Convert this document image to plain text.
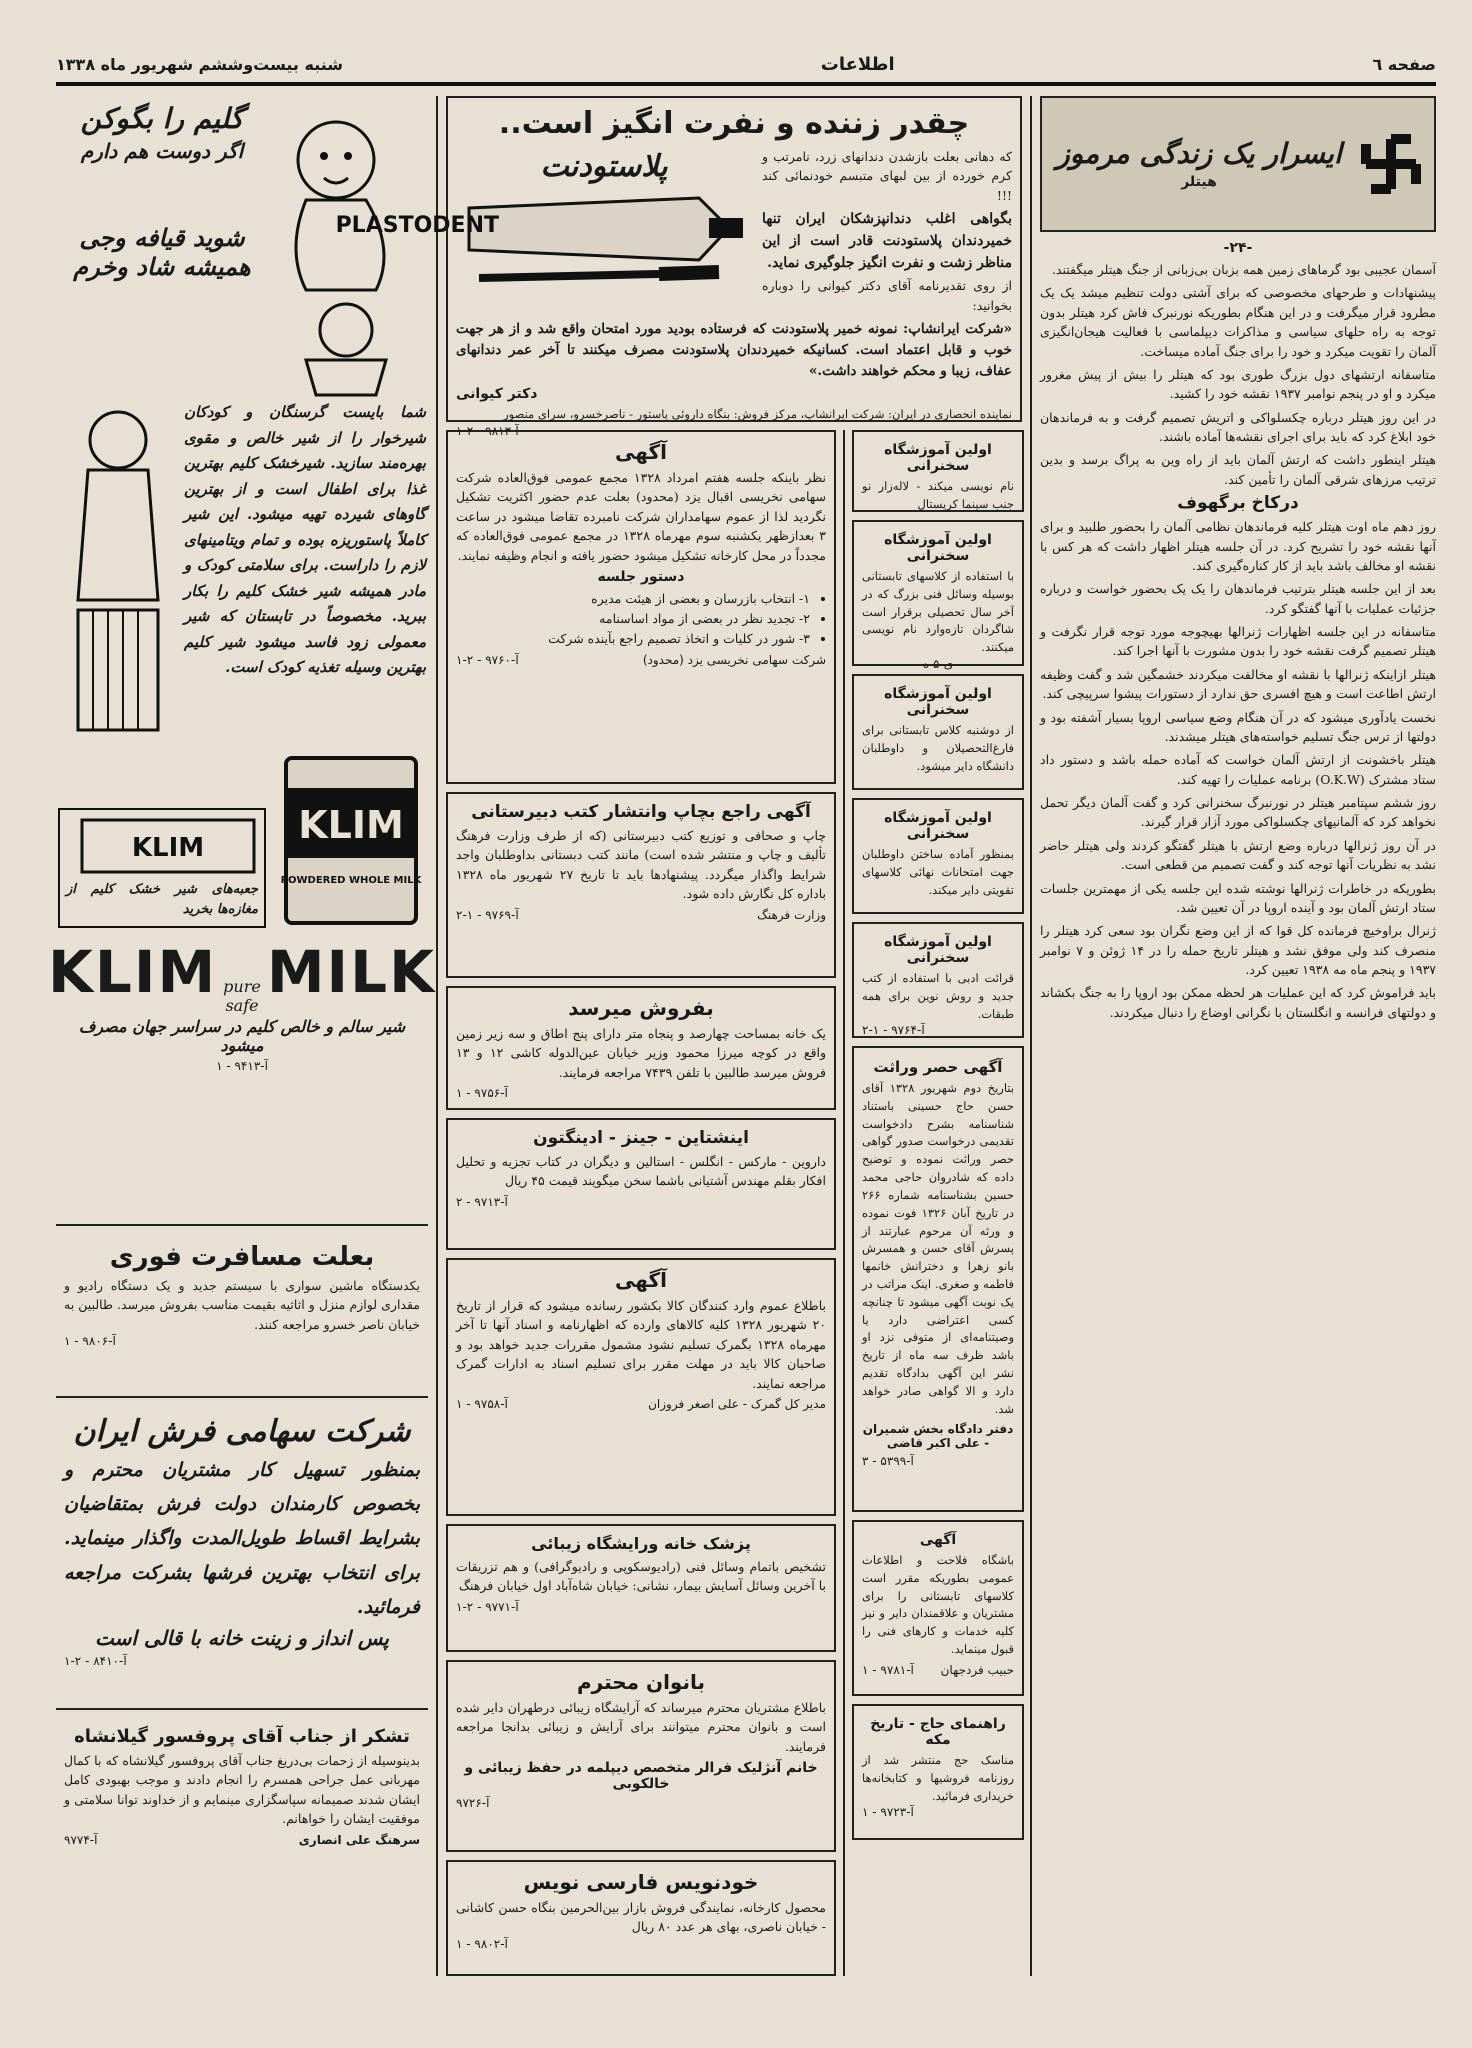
صفحه ٦
اطلاعات
شنبه بیست‌وششم شهریور ماه ۱۳۳۸
ایسرار یک زندگی مرموز
هیتلر
-۲۴-

آسمان عجیبی بود گرماهای زمین همه بزبان بی‌زبانی از جنگ هیتلر میگفتند.

پیشنهادات و طرحهای مخصوصی که برای آشتی دولت تنظیم میشد یک یک مطرود قرار میگرفت و در این هنگام بطوریکه نورنبرک فاش کرد هیتلر بدون توجه به راه حلهای سیاسی و مذاکرات دیپلماسی با فعالیت هیجان‌انگیزی آلمان را تقویت میکرد و خود را برای جنگ آماده میساخت.

متاسفانه ارتشهای دول بزرگ طوری بود که هیتلر را بیش از پیش مغرور میکرد و او در پنجم نوامبر ۱۹۳۷ نقشه خود را کشید.

در این روز هیتلر درباره چکسلواکی و اتریش تصمیم گرفت و به فرماندهان خود ابلاغ کرد که باید برای اجرای نقشه‌ها آماده باشند.

هیتلر اینطور داشت که ارتش آلمان باید از راه وین به پراگ برسد و بدین ترتیب مرزهای شرقی آلمان را تأمین کند.

درکاخ برگهوف

روز دهم ماه اوت هیتلر کلیه فرماندهان نظامی آلمان را بحضور طلبید و برای آنها نقشه خود را تشریح کرد. در آن جلسه هیتلر اظهار داشت که هر کس با نقشه او مخالف باشد باید از کار کناره‌گیری کند.

بعد از این جلسه هیتلر بترتیب فرماندهان را یک یک بحضور خواست و درباره جزئیات عملیات با آنها گفتگو کرد.

متاسفانه در این جلسه اظهارات ژنرالها بهیچوجه مورد توجه قرار نگرفت و هیتلر تصمیم گرفت نقشه خود را بدون مشورت با آنها اجرا کند.

هیتلر ازاینکه ژنرالها با نقشه او مخالفت میکردند خشمگین شد و گفت وظیفه ارتش اطاعت است و هیچ افسری حق ندارد از دستورات پیشوا سرپیچی کند.

نخست یادآوری میشود که در آن هنگام وضع سیاسی اروپا بسیار آشفته بود و دولتها از ترس جنگ تسلیم خواسته‌های هیتلر میشدند.

هیتلر باخشونت از ارتش آلمان خواست که آماده حمله باشد و دستور داد ستاد مشترک (O.K.W) برنامه عملیات را تهیه کند.

روز ششم سپتامبر هیتلر در نورنبرگ سخنرانی کرد و گفت آلمان دیگر تحمل نخواهد کرد که آلمانیهای چکسلواکی مورد آزار قرار گیرند.

در آن روز ژنرالها درباره وضع ارتش با هیتلر گفتگو کردند ولی هیتلر حاضر نشد به نظریات آنها توجه کند و گفت تصمیم من قطعی است.

بطوریکه در خاطرات ژنرالها نوشته شده این جلسه یکی از مهمترین جلسات ستاد ارتش آلمان بود و آینده اروپا در آن تعیین شد.

ژنرال براوخیچ فرمانده کل قوا که از این وضع نگران بود سعی کرد هیتلر را منصرف کند ولی موفق نشد و هیتلر تاریخ حمله را در ۱۴ ژوئن و ۷ نوامبر ۱۹۳۷ و پنجم ماه مه ۱۹۳۸ تعیین کرد.

باید فراموش کرد که این عملیات هر لحظه ممکن بود اروپا را به جنگ بکشاند و دولتهای فرانسه و انگلستان با نگرانی اوضاع را دنبال میکردند.

چقدر زننده و نفرت انگیز است..
که دهانی بعلت بازشدن دندانهای زرد، نامرتب و کرم خورده از بین لبهای متبسم خودنمائی کند !!!
بگواهی اغلب دندانپزشکان ایران تنها خمیردندان پلاستودنت قادر است از این مناظر زشت و نفرت انگیز جلوگیری نماید.
از روی تقدیرنامه آقای دکتر کیوانی را دوباره بخوانید:
پلاستودنت
PLASTODENT
«شرکت ایرانشاپ: نمونه خمیر پلاستودنت که فرستاده بودید مورد امتحان واقع شد و از هر جهت خوب و قابل اعتماد است. کسانیکه خمیردندان پلاستودنت مصرف میکنند تا آخر عمر دندانهای عفاف، زیبا و محکم خواهند داشت.»
دکتر کیوانی
نماینده انحصاری در ایران: شرکت ایرانشاپ، مرکز فروش: بنگاه داروئی پاستور - ناصرخسرو، سرای منصور
آ-۹۸۱۳ - ۲-۱
آگهی
نظر باینکه جلسه هفتم امرداد ۱۳۲۸ مجمع عمومی فوق‌العاده شرکت سهامی نخریسی اقبال یزد (محدود) بعلت عدم حضور اکثریت تشکیل نگردید لذا از عموم سهامداران شرکت نامبرده تقاضا میشود در ساعت ۳ بعدازظهر یکشنبه سوم مهرماه ۱۳۲۸ در مجمع عمومی فوق‌العاده که مجدداً در محل کارخانه تشکیل میشود حضور یافته و انجام وظیفه نمایند.
دستور جلسه
• ۱- انتخاب بازرسان و بعضی از هیئت مدیره
• ۲- تجدید نظر در بعضی از مواد اساسنامه
• ۳- شور در کلیات و اتخاذ تصمیم راجع بآینده شرکت
شرکت سهامی نخریسی یزد (محدود)
آ-۹۷۶۰ - ۲-۱
آگهی راجع بچاپ وانتشار کتب دبیرستانی
چاپ و صحافی و توزیع کتب دبیرستانی (که از طرف وزارت فرهنگ تألیف و چاپ و منتشر شده است) مانند کتب دبستانی بداوطلبان واجد شرایط واگذار میگردد. پیشنهادها باید تا تاریخ ۲۷ شهریور ماه ۱۳۲۸ باداره کل نگارش داده شود.
وزارت فرهنگ
آ-۹۷۶۹ - ۱-۲
بفروش میرسد
یک خانه بمساحت چهارصد و پنجاه متر دارای پنج اطاق و سه زیر زمین واقع در کوچه میرزا محمود وزیر خیابان عین‌الدوله کاشی ۱۲ و ۱۳ فروش میرسد طالبین با تلفن ۷۴۳۹ مراجعه فرمایند.
آ-۹۷۵۶ - ۱
اینشتاین - جینز - ادینگتون
داروین - مارکس - انگلس - استالین و دیگران در کتاب تجزیه و تحلیل افکار بقلم مهندس آشتیانی باشما سخن میگویند قیمت ۴۵ ریال
آ-۹۷۱۳ - ۲
آگهی
باطلاع عموم وارد کنندگان کالا بکشور رسانده میشود که قرار از تاریخ ۲۰ شهریور ۱۳۲۸ کلیه کالاهای وارده که اظهارنامه و اسناد آنها تا آخر مهرماه ۱۳۲۸ بگمرک تسلیم نشود مشمول مقررات جدید خواهد بود و صاحبان کالا باید در مهلت مقرر برای تسلیم اسناد به ادارات گمرک مراجعه نمایند.
مدیر کل گمرک - علی اصغر فروزان
آ-۹۷۵۸ - ۱
پزشک خانه ورایشگاه زیبائی
تشخیص باتمام وسائل فنی (رادیوسکوپی و رادیوگرافی) و هم تزریقات با آخرین وسائل آسایش بیمار، نشانی: خیابان شاه‌آباد اول خیابان فرهنگ
آ-۹۷۷۱ - ۲-۱
بانوان محترم
باطلاع مشتریان محترم میرساند که آرایشگاه زیبائی درطهران دایر شده است و بانوان محترم میتوانند برای آرایش و زیبائی بدانجا مراجعه فرمایند.
خانم آنژلیک فرالر متخصص دیپلمه در حفظ زیبائی و خالکوبی
آ-۹۷۲۶
خودنویس فارسی نویس
محصول کارخانه، نمایندگی فروش بازار بین‌الحرمین بنگاه حسن کاشانی - خیابان ناصری، بهای هر عدد ۸۰ ریال
آ-۹۸۰۲ - ۱
اولین آموزشگاه سخنرانی
نام نویسی میکند - لاله‌زار نو جنب سینما کریستال
اولین آموزشگاه سخنرانی
با استفاده از کلاسهای تابستانی بوسیله وسائل فنی بزرگ که در آخر سال تحصیلی برقرار است شاگردان تازه‌وارد نام نویسی میکنند.
ی-۵ ه
اولین آموزشگاه سخنرانی
از دوشنبه کلاس تابستانی برای فارغ‌التحصیلان و داوطلبان دانشگاه دایر میشود.
اولین آموزشگاه سخنرانی
بمنظور آماده ساختن داوطلبان جهت امتحانات نهائی کلاسهای تقویتی دایر میکند.
اولین آموزشگاه سخنرانی
قرائت ادبی با استفاده از کتب جدید و روش نوین برای همه طبقات.
آ-۹۷۶۴ - ۱-۲
آگهی حصر وراثت
بتاریخ دوم شهریور ۱۳۲۸ آقای حسن حاج حسینی باستناد شناسنامه بشرح دادخواست تقدیمی درخواست صدور گواهی حصر وراثت نموده و توضیح داده که شادروان حاجی محمد حسین بشناسنامه شماره ۲۶۶ در تاریخ آبان ۱۳۲۶ فوت نموده و ورثه آن مرحوم عبارتند از پسرش آقای حسن و همسرش بانو زهرا و دخترانش خانمها فاطمه و صغری. اینک مراتب در یک نوبت آگهی میشود تا چنانچه کسی اعتراضی دارد یا وصیتنامه‌ای از متوفی نزد او باشد ظرف سه ماه از تاریخ نشر این آگهی بدادگاه تقدیم دارد و الا گواهی صادر خواهد شد.
دفتر دادگاه بخش شمیران - علی اکبر قاضی
آ-۵۳۹۹ - ۳
آگهی
باشگاه فلاحت و اطلاعات عمومی بطوریکه مقرر است کلاسهای تابستانی را برای مشتریان و علاقمندان دایر و نیز کلیه خدمات و کارهای فنی را قبول مینماید.
حبیب فردجهان
آ-۹۷۸۱ - ۱
راهنمای حاج - تاریخ مکه
مناسک حج منتشر شد از روزنامه فروشیها و کتابخانه‌ها خریداری فرمائید.
آ-۹۷۲۳ - ۱
گلیم را بگوکن
اگر دوست هم دارم
شوید قیافه وجی همیشه شاد وخرم
شما بایست گرسنگان و کودکان شیرخوار را از شیر خالص و مقوی بهره‌مند سازید. شیرخشک کلیم بهترین غذا برای اطفال است و از بهترین گاوهای شیرده تهیه میشود. این شیر کاملاً پاستوریزه بوده و تمام ویتامینهای لازم را داراست. برای سلامتی کودک و مادر همیشه شیر خشک کلیم را بکار ببرید. مخصوصاً در تابستان که شیر معمولی زود فاسد میشود شیر کلیم بهترین وسیله تغذیه کودک است.
KLIM
POWDERED WHOLE MILK
KLIM
جعبه‌های شیر خشک کلیم از مغازه‌ها بخرید
KLIM pure safe MILK
شیر سالم و خالص کلیم در سراسر جهان مصرف میشود
آ-۹۴۱۳ - ۱
بعلت مسافرت فوری
یکدستگاه ماشین سواری با سیستم جدید و یک دستگاه رادیو و مقداری لوازم منزل و اثاثیه بقیمت مناسب بفروش میرسد. طالبین به خیابان ناصر خسرو مراجعه کنند.
آ-۹۸۰۶ - ۱
شرکت سهامی فرش ایران
بمنظور تسهیل کار مشتریان محترم و بخصوص کارمندان دولت فرش بمتقاضیان بشرایط اقساط طویل‌المدت واگذار مینماید. برای انتخاب بهترین فرشها بشرکت مراجعه فرمائید.
پس انداز و زینت خانه با قالی است
آ-۸۴۱۰ - ۲-۱
تشکر از جناب آقای پروفسور گیلانشاه
بدینوسیله از زحمات بی‌دریغ جناب آقای پروفسور گیلانشاه که با کمال مهربانی عمل جراحی همسرم را انجام دادند و موجب بهبودی کامل ایشان شدند صمیمانه سپاسگزاری مینمایم و از خداوند توانا سلامتی و موفقیت ایشان را خواهانم.
سرهنگ علی انصاری
آ-۹۷۷۴
